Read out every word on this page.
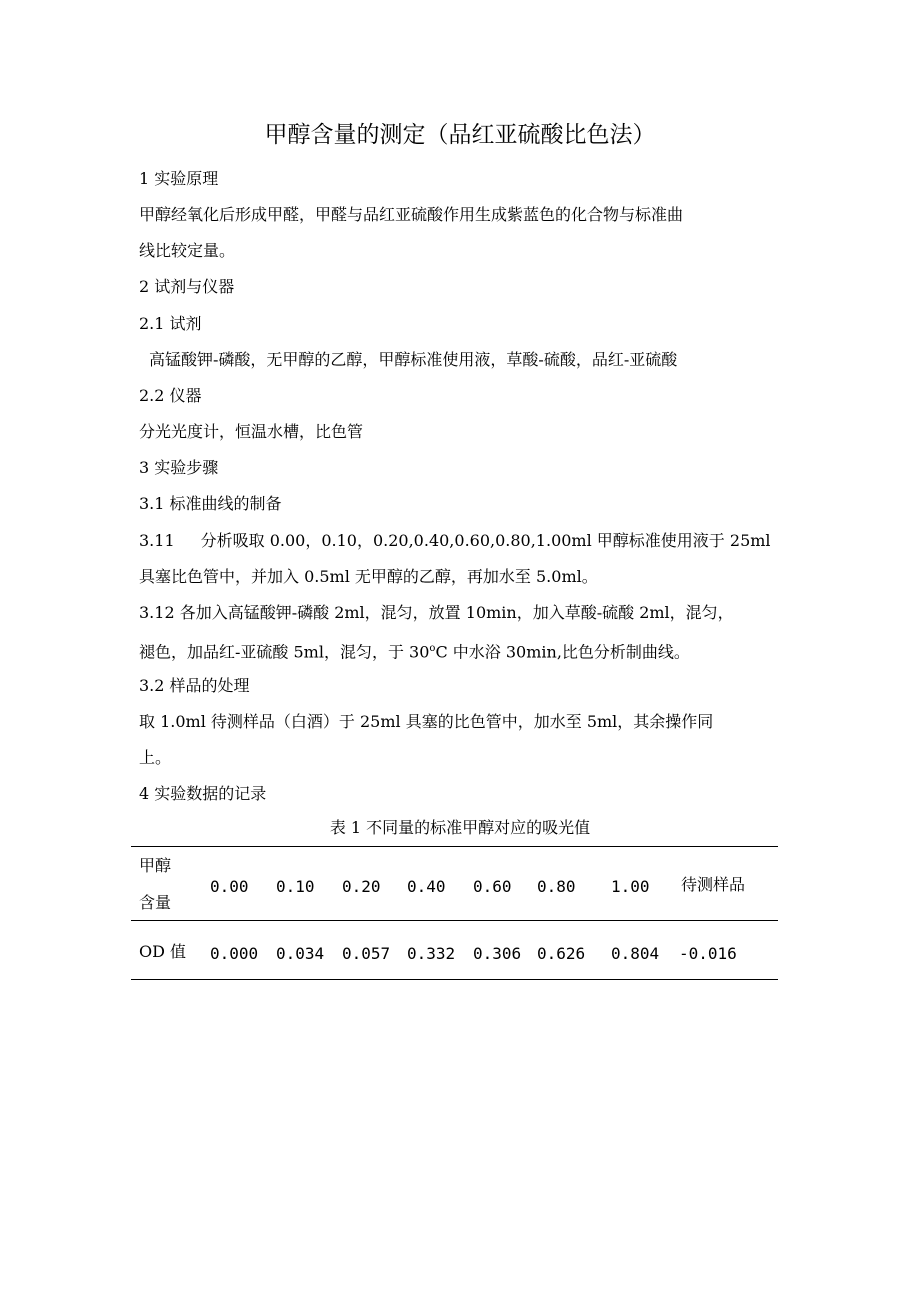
甲醇含量的测定（品红亚硫酸比色法）
1 实验原理
甲醇经氧化后形成甲醛，甲醛与品红亚硫酸作用生成紫蓝色的化合物与标准曲
线比较定量。
2 试剂与仪器
2.1 试剂
高锰酸钾-磷酸，无甲醇的乙醇，甲醇标准使用液，草酸-硫酸，品红-亚硫酸
2.2 仪器
分光光度计，恒温水槽，比色管
3 实验步骤
3.1 标准曲线的制备
3.11 分析吸取 0.00，0.10，0.20,0.40,0.60,0.80,1.00ml 甲醇标准使用液于 25ml
具塞比色管中，并加入 0.5ml 无甲醇的乙醇，再加水至 5.0ml。
3.12 各加入高锰酸钾-磷酸 2ml，混匀，放置 10min，加入草酸-硫酸 2ml，混匀，
褪色，加品红-亚硫酸 5ml，混匀，于 30$^o$C 中水浴 30min,比色分析制曲线。
3.2 样品的处理
取 1.0ml 待测样品（白酒）于 25ml 具塞的比色管中，加水至 5ml，其余操作同
上。
4 实验数据的记录
表 1 不同量的标准甲醇对应的吸光值
甲醇
含量
0.00 0.10 0.20 0.40 0.60 0.80 1.00 待测样品
OD 值 0.000 0.034 0.057 0.332 0.306 0.626 0.804 -0.016
